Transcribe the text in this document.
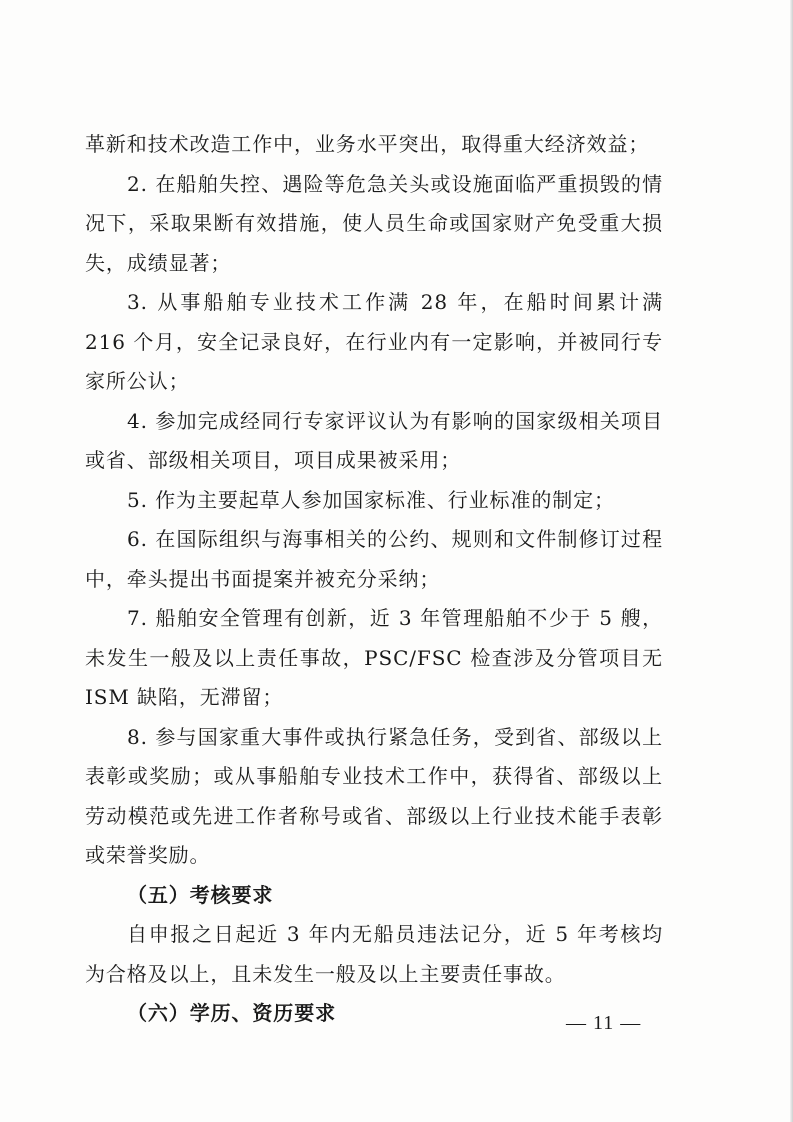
革新和技术改造工作中，业务水平突出，取得重大经济效益；

2. 在船舶失控、遇险等危急关头或设施面临严重损毁的情况下，采取果断有效措施，使人员生命或国家财产免受重大损失，成绩显著；

3. 从事船舶专业技术工作满 28 年，在船时间累计满 216 个月，安全记录良好，在行业内有一定影响，并被同行专家所公认；

4. 参加完成经同行专家评议认为有影响的国家级相关项目或省、部级相关项目，项目成果被采用；

5. 作为主要起草人参加国家标准、行业标准的制定；

6. 在国际组织与海事相关的公约、规则和文件制修订过程中，牵头提出书面提案并被充分采纳；

7. 船舶安全管理有创新，近 3 年管理船舶不少于 5 艘，未发生一般及以上责任事故，PSC/FSC 检查涉及分管项目无 ISM 缺陷，无滞留；

8. 参与国家重大事件或执行紧急任务，受到省、部级以上表彰或奖励；或从事船舶专业技术工作中，获得省、部级以上劳动模范或先进工作者称号或省、部级以上行业技术能手表彰或荣誉奖励。

（五）考核要求

自申报之日起近 3 年内无船员违法记分，近 5 年考核均为合格及以上，且未发生一般及以上主要责任事故。

（六）学历、资历要求	— 11 —
